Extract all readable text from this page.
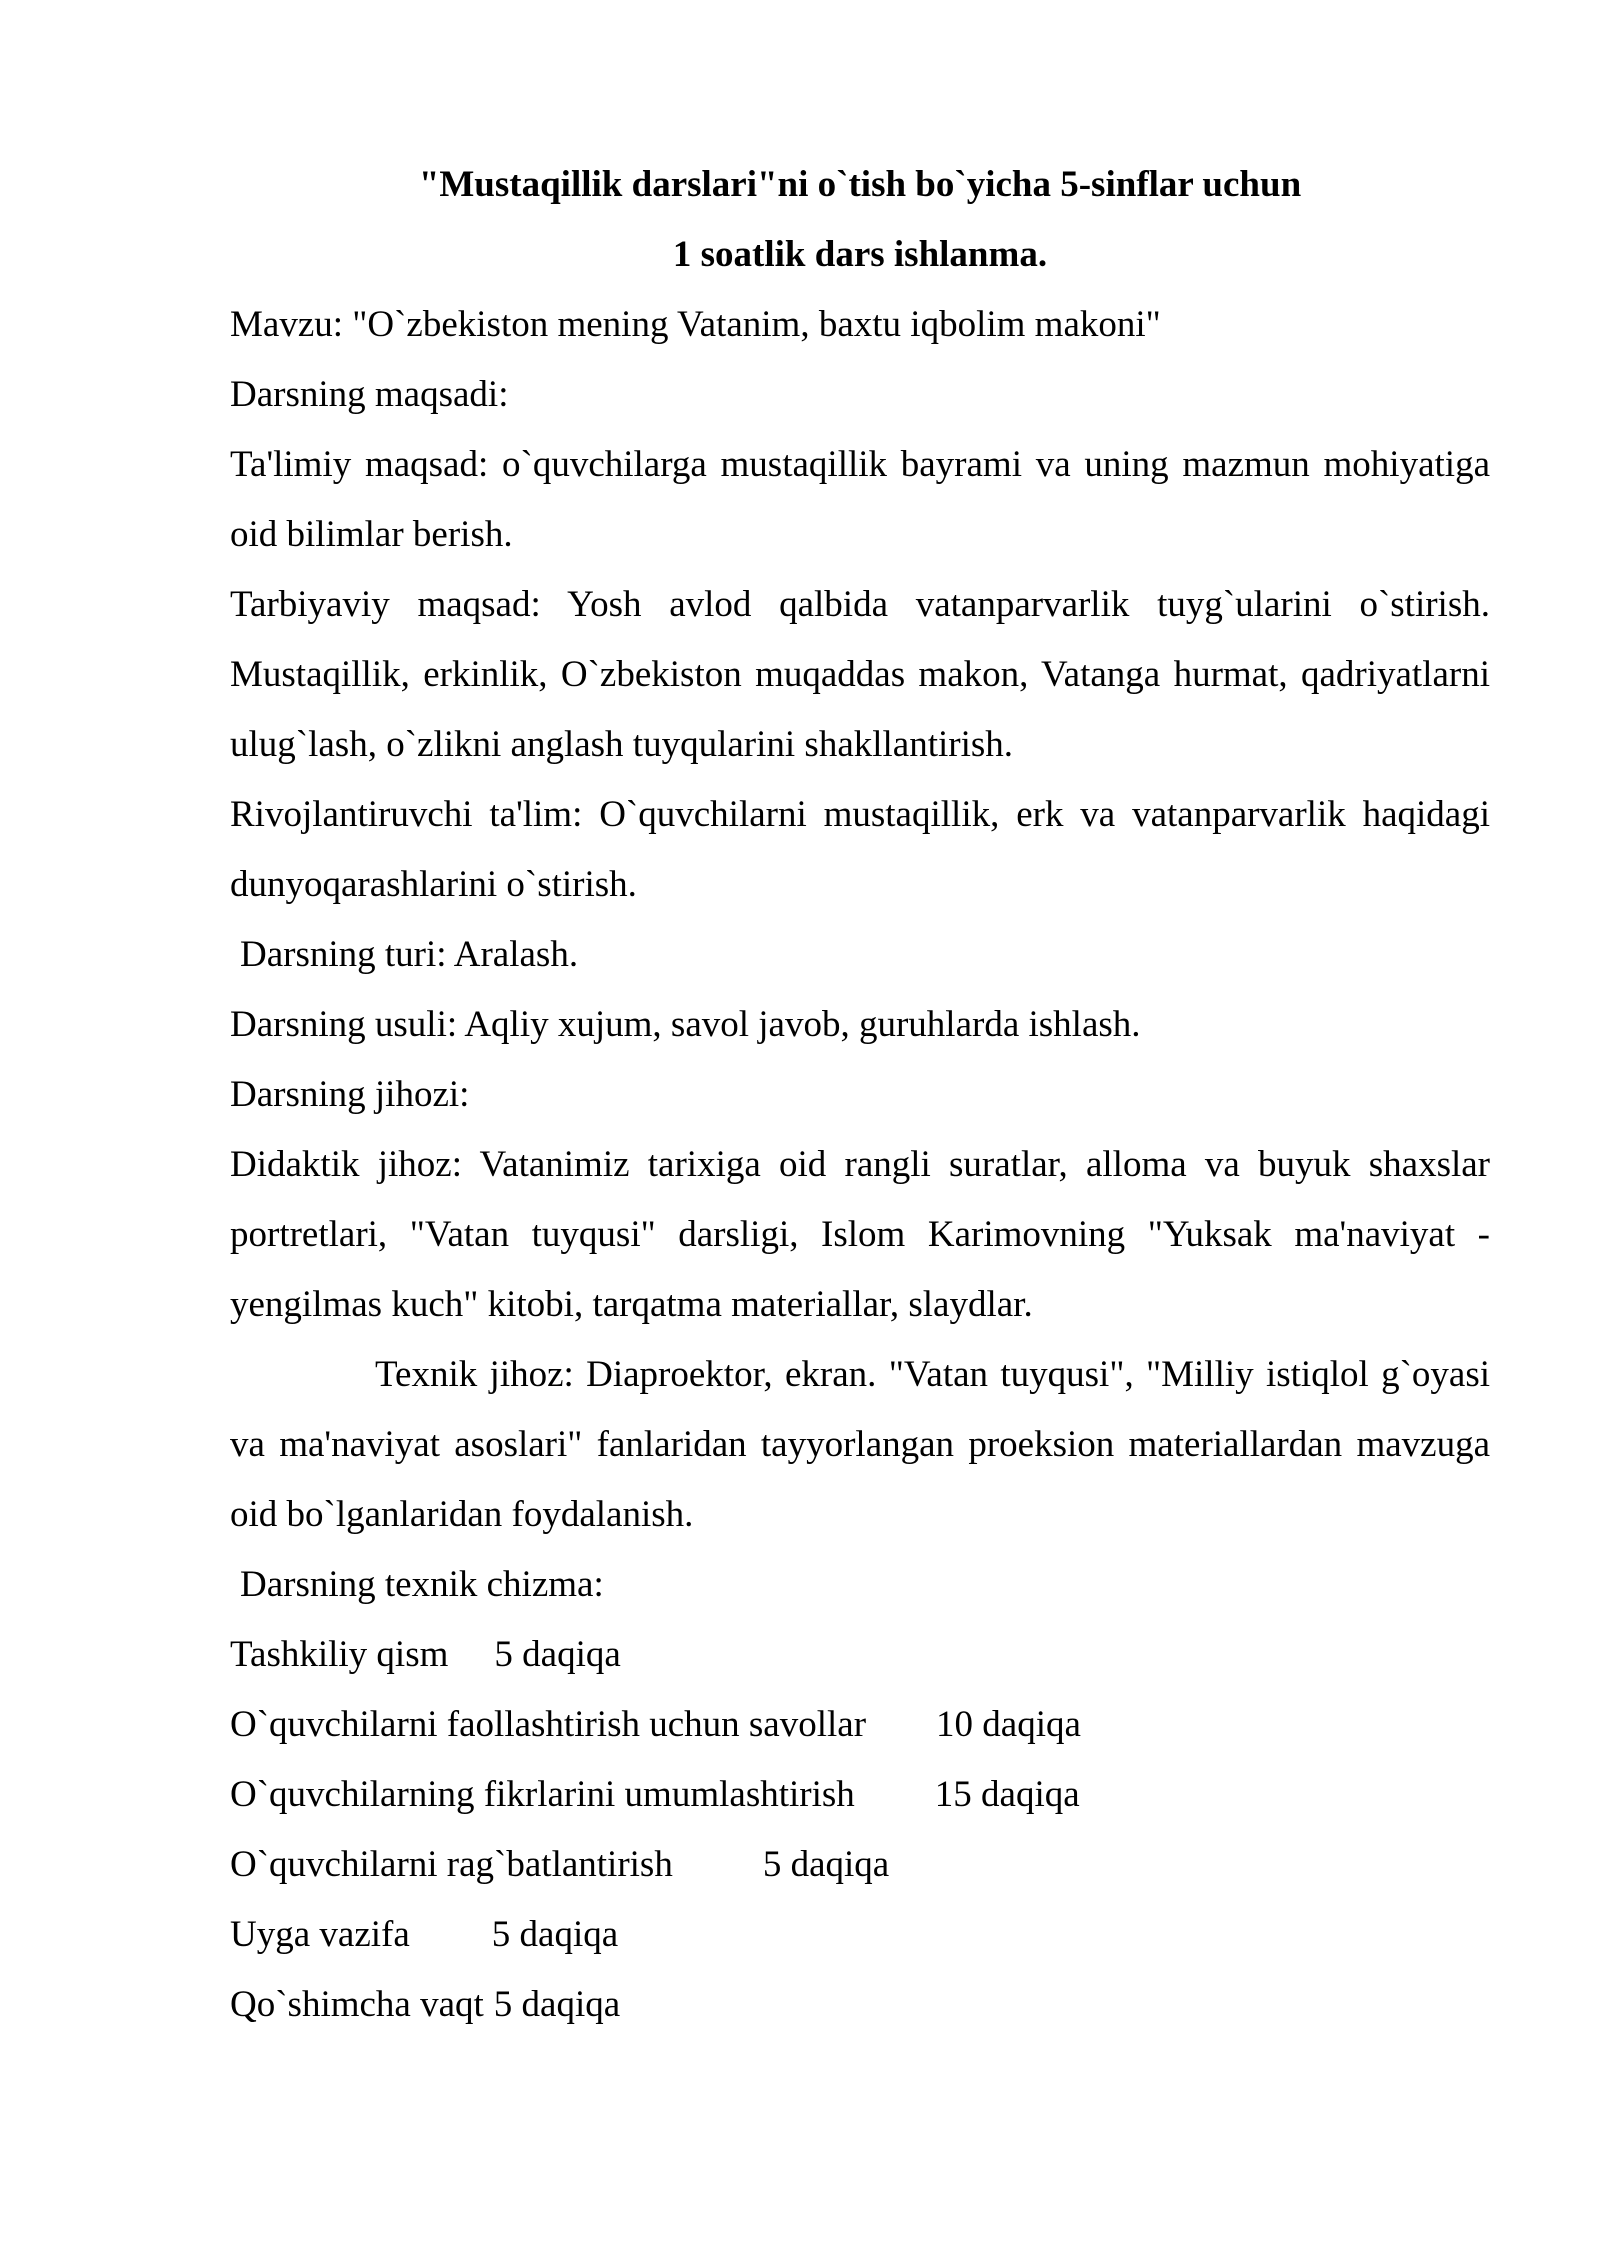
"Mustaqillik darslari"ni o`tish bo`yicha 5-sinflar uchun

1 soatlik dars ishlanma.

Mavzu: "O`zbekiston mening Vatanim, baxtu iqbolim makoni"

Darsning maqsadi:

Ta'limiy maqsad: o`quvchilarga mustaqillik bayrami va uning mazmun mohiyatiga oid bilimlar berish.

Tarbiyaviy maqsad: Yosh avlod qalbida vatanparvarlik tuyg`ularini o`stirish. Mustaqillik, erkinlik, O`zbekiston muqaddas makon, Vatanga hurmat, qadriyatlarni ulug`lash, o`zlikni anglash tuyqularini shakllantirish.

Rivojlantiruvchi ta'lim: O`quvchilarni mustaqillik, erk va vatanparvarlik haqidagi dunyoqarashlarini o`stirish.

Darsning turi: Aralash.

Darsning usuli: Aqliy xujum, savol javob, guruhlarda ishlash.

Darsning jihozi:

Didaktik jihoz: Vatanimiz tarixiga oid rangli suratlar, alloma va buyuk shaxslar portretlari, "Vatan tuyqusi" darsligi, Islom Karimovning "Yuksak ma'naviyat - yengilmas kuch" kitobi, tarqatma materiallar, slaydlar.

Texnik jihoz: Diaproektor, ekran. "Vatan tuyqusi", "Milliy istiqlol g`oyasi va ma'naviyat asoslari" fanlaridan tayyorlangan proeksion materiallardan mavzuga oid bo`lganlaridan foydalanish.

Darsning texnik chizma:

Tashkiliy qism 5 daqiqa

O`quvchilarni faollashtirish uchun savollar 10 daqiqa

O`quvchilarning fikrlarini umumlashtirish 15 daqiqa

O`quvchilarni rag`batlantirish 5 daqiqa

Uyga vazifa 5 daqiqa

Qo`shimcha vaqt 5 daqiqa
